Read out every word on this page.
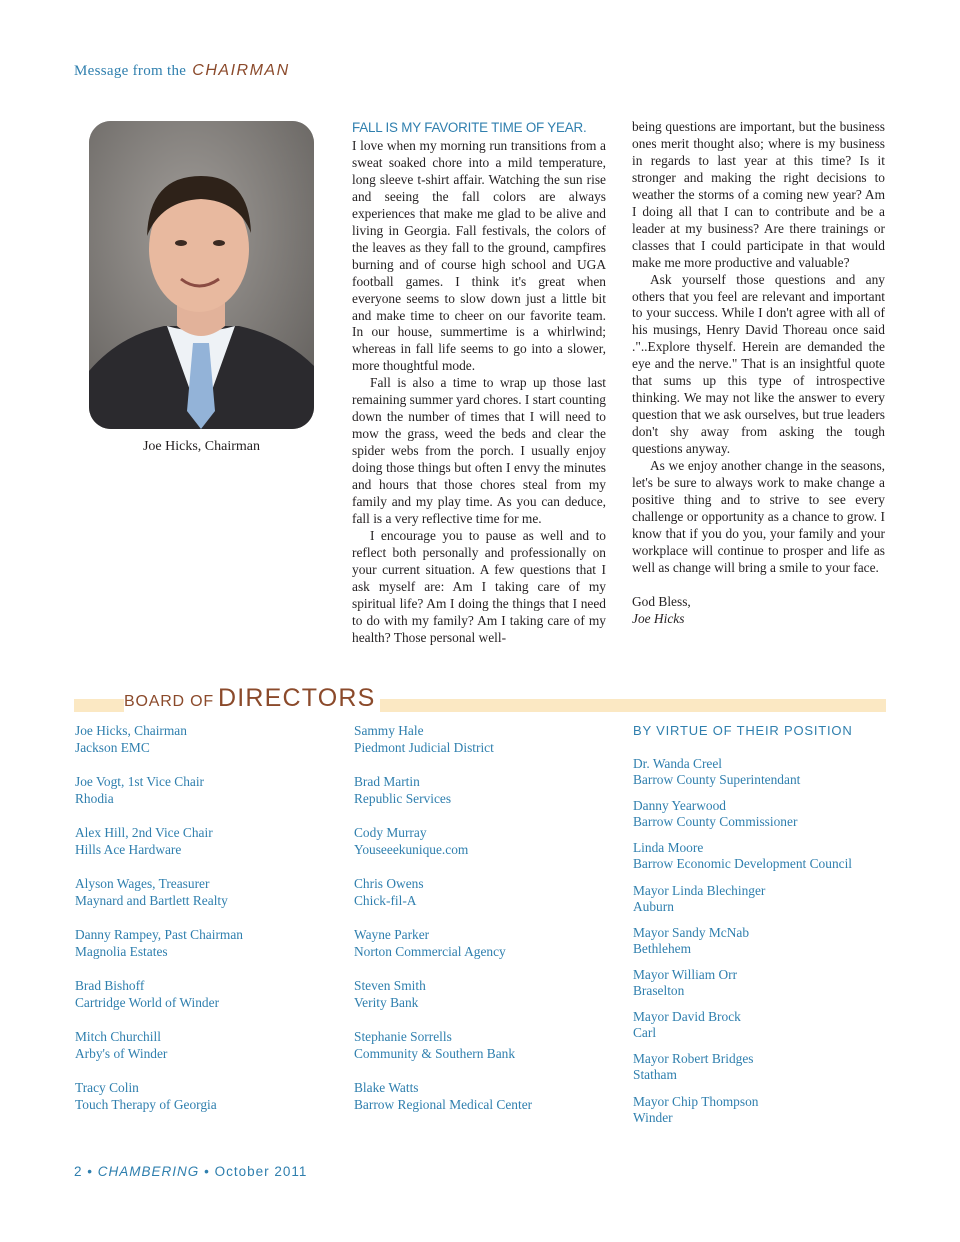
Message from the CHAIRMAN
Joe Hicks, Chairman
FALL IS MY FAVORITE TIME OF YEAR.

I love when my morning run transitions from a sweat soaked chore into a mild temperature, long sleeve t-shirt affair. Watching the sun rise and seeing the fall colors are always experiences that make me glad to be alive and living in Georgia. Fall festivals, the colors of the leaves as they fall to the ground, campfires burning and of course high school and UGA football games. I think it's great when everyone seems to slow down just a little bit and make time to cheer on our favorite team. In our house, summertime is a whirlwind; whereas in fall life seems to go into a slower, more thoughtful mode.

Fall is also a time to wrap up those last remaining summer yard chores. I start counting down the number of times that I will need to mow the grass, weed the beds and clear the spider webs from the porch. I usually enjoy doing those things but often I envy the minutes and hours that those chores steal from my family and my play time. As you can deduce, fall is a very reflective time for me.

I encourage you to pause as well and to reflect both personally and professionally on your current situation. A few questions that I ask myself are: Am I taking care of my spiritual life? Am I doing the things that I need to do with my family? Am I taking care of my health? Those personal well-

being questions are important, but the business ones merit thought also; where is my business in regards to last year at this time? Is it stronger and making the right decisions to weather the storms of a coming new year? Am I doing all that I can to contribute and be a leader at my business? Are there trainings or classes that I could participate in that would make me more productive and valuable?

Ask yourself those questions and any others that you feel are relevant and important to your success. While I don't agree with all of his musings, Henry David Thoreau once said ."..Explore thyself. Herein are demanded the eye and the nerve." That is an insightful quote that sums up this type of introspective thinking. We may not like the answer to every question that we ask ourselves, but true leaders don't shy away from asking the tough questions anyway.

As we enjoy another change in the seasons, let's be sure to always work to make change a positive thing and to strive to see every challenge or opportunity as a chance to grow. I know that if you do you, your family and your workplace will continue to prosper and life as well as change will bring a smile to your face.

God Bless,
Joe Hicks
BOARD OF DIRECTORS
Joe Hicks, Chairman
Jackson EMC
Joe Vogt, 1st Vice Chair
Rhodia
Alex Hill, 2nd Vice Chair
Hills Ace Hardware
Alyson Wages, Treasurer
Maynard and Bartlett Realty
Danny Rampey, Past Chairman
Magnolia Estates
Brad Bishoff
Cartridge World of Winder
Mitch Churchill
Arby's of Winder
Tracy Colin
Touch Therapy of Georgia
Sammy Hale
Piedmont Judicial District
Brad Martin
Republic Services
Cody Murray
Youseeekunique.com
Chris Owens
Chick-fil-A
Wayne Parker
Norton Commercial Agency
Steven Smith
Verity Bank
Stephanie Sorrells
Community & Southern Bank
Blake Watts
Barrow Regional Medical Center
BY VIRTUE OF THEIR POSITION
Dr. Wanda Creel
Barrow County Superintendant
Danny Yearwood
Barrow County Commissioner
Linda Moore
Barrow Economic Development Council
Mayor Linda Blechinger
Auburn
Mayor Sandy McNab
Bethlehem
Mayor William Orr
Braselton
Mayor David Brock
Carl
Mayor Robert Bridges
Statham
Mayor Chip Thompson
Winder
2 • CHAMBERING • October 2011
